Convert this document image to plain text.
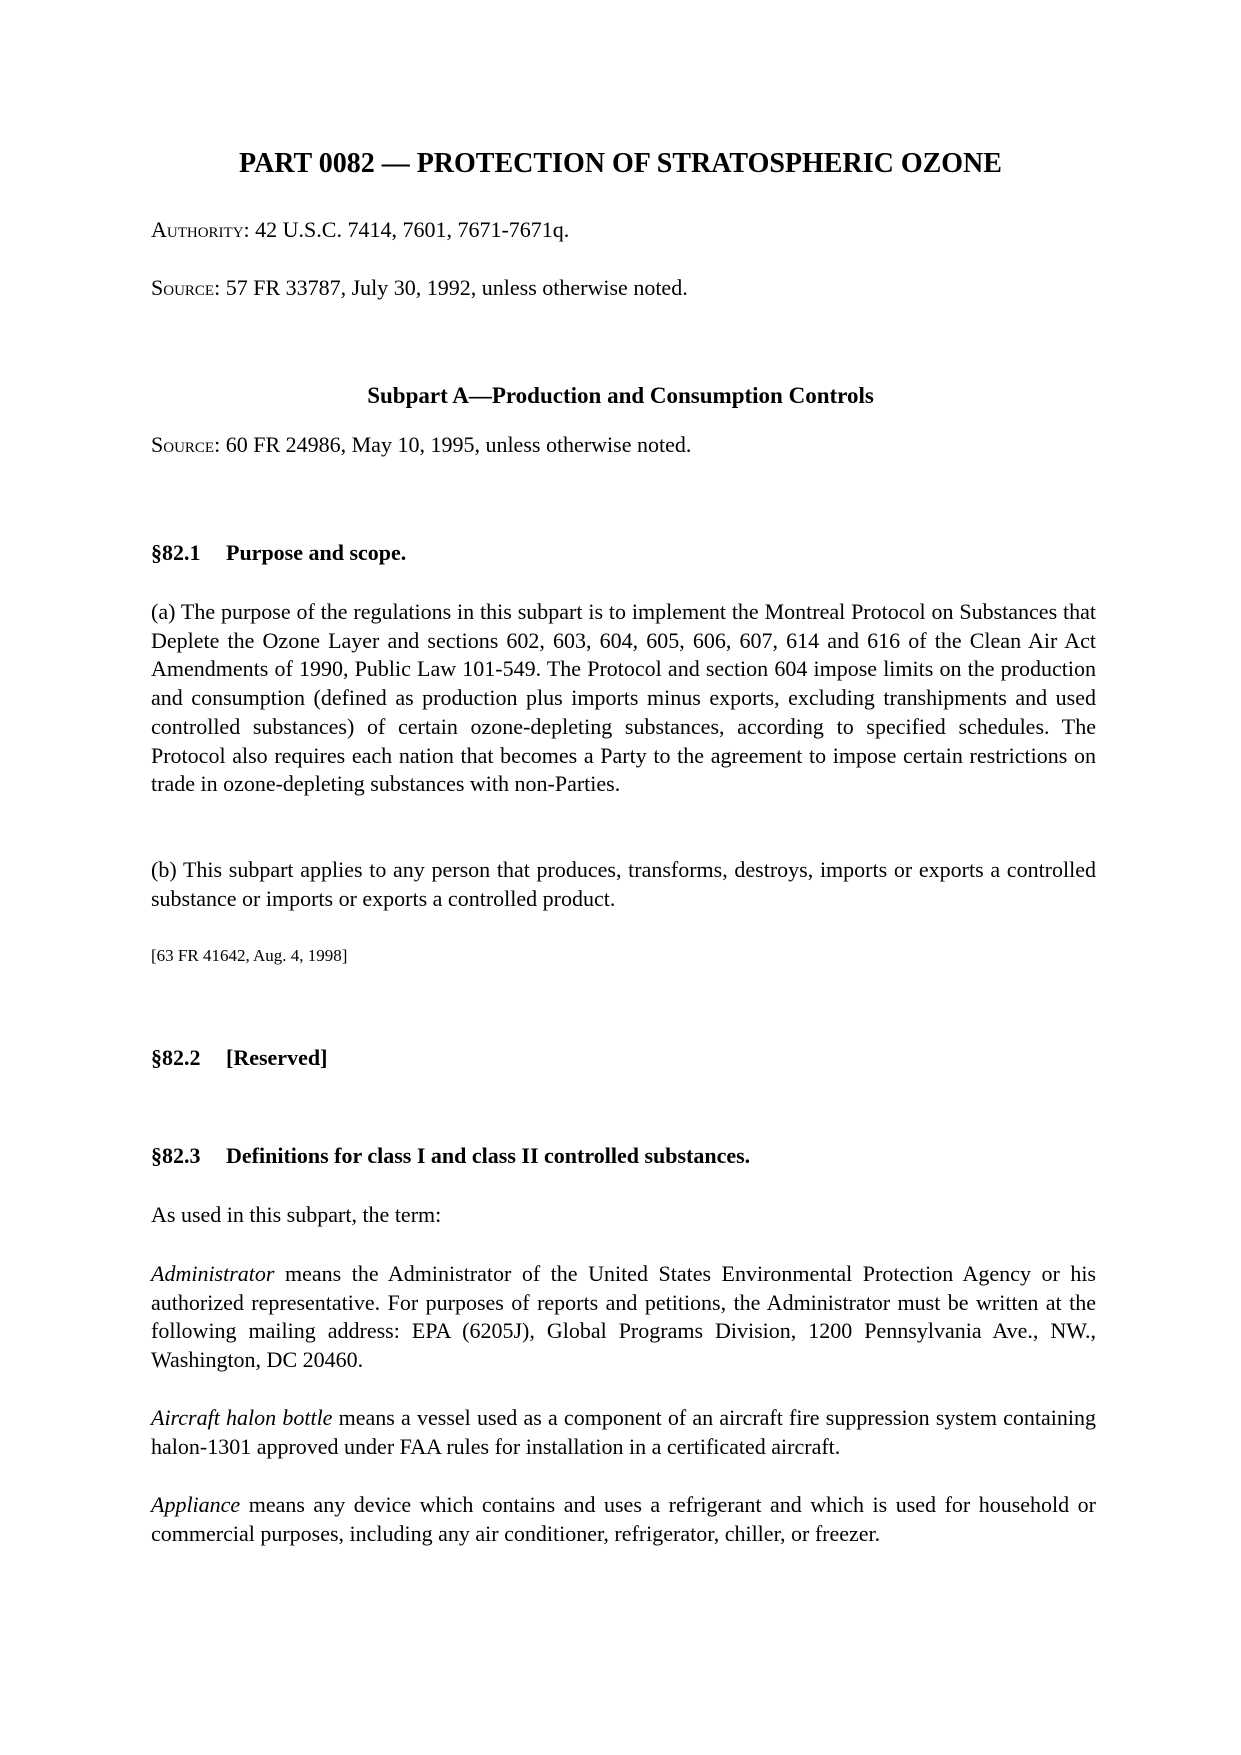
PART 0082 — PROTECTION OF STRATOSPHERIC OZONE

Authority: 42 U.S.C. 7414, 7601, 7671-7671q.

Source: 57 FR 33787, July 30, 1992, unless otherwise noted.

Subpart A—Production and Consumption Controls

Source: 60 FR 24986, May 10, 1995, unless otherwise noted.

§82.1 Purpose and scope.

(a) The purpose of the regulations in this subpart is to implement the Montreal Protocol on Substances that Deplete the Ozone Layer and sections 602, 603, 604, 605, 606, 607, 614 and 616 of the Clean Air Act Amendments of 1990, Public Law 101-549. The Protocol and section 604 impose limits on the production and consumption (defined as production plus imports minus exports, excluding transhipments and used controlled substances) of certain ozone-depleting substances, according to specified schedules. The Protocol also requires each nation that becomes a Party to the agreement to impose certain restrictions on trade in ozone-depleting substances with non-Parties.

(b) This subpart applies to any person that produces, transforms, destroys, imports or exports a controlled substance or imports or exports a controlled product.

[63 FR 41642, Aug. 4, 1998]

§82.2 [Reserved]
§82.3 Definitions for class I and class II controlled substances.

As used in this subpart, the term:

Administrator means the Administrator of the United States Environmental Protection Agency or his authorized representative. For purposes of reports and petitions, the Administrator must be written at the following mailing address: EPA (6205J), Global Programs Division, 1200 Pennsylvania Ave., NW., Washington, DC 20460.

Aircraft halon bottle means a vessel used as a component of an aircraft fire suppression system containing halon-1301 approved under FAA rules for installation in a certificated aircraft.

Appliance means any device which contains and uses a refrigerant and which is used for household or commercial purposes, including any air conditioner, refrigerator, chiller, or freezer.
